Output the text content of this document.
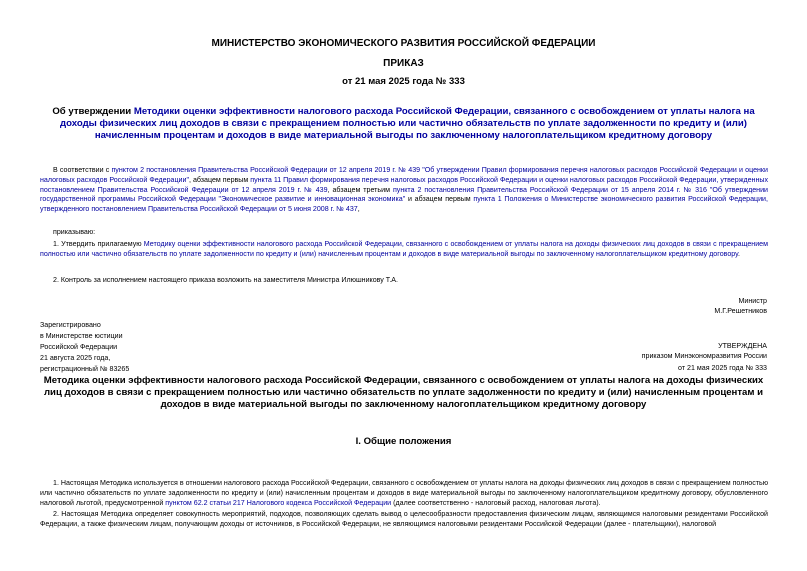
МИНИСТЕРСТВО ЭКОНОМИЧЕСКОГО РАЗВИТИЯ РОССИЙСКОЙ ФЕДЕРАЦИИ
ПРИКАЗ
от 21 мая 2025 года № 333
Об утверждении Методики оценки эффективности налогового расхода Российской Федерации, связанного с освобождением от уплаты налога на доходы физических лиц доходов в связи с прекращением полностью или частично обязательств по уплате задолженности по кредиту и (или) начисленным процентам и доходов в виде материальной выгоды по заключенному налогоплательщиком кредитному договору
В соответствии с пунктом 2 постановления Правительства Российской Федерации от 12 апреля 2019 г. № 439 "Об утверждении Правил формирования перечня налоговых расходов Российской Федерации и оценки налоговых расходов Российской Федерации", абзацем первым пункта 11 Правил формирования перечня налоговых расходов Российской Федерации и оценки налоговых расходов Российской Федерации, утвержденных постановлением Правительства Российской Федерации от 12 апреля 2019 г. № 439, абзацем третьим пункта 2 постановления Правительства Российской Федерации от 15 апреля 2014 г. № 316 "Об утверждении государственной программы Российской Федерации "Экономическое развитие и инновационная экономика" и абзацем первым пункта 1 Положения о Министерстве экономического развития Российской Федерации, утвержденного постановлением Правительства Российской Федерации от 5 июня 2008 г. № 437,
приказываю:
1. Утвердить прилагаемую Методику оценки эффективности налогового расхода Российской Федерации, связанного с освобождением от уплаты налога на доходы физических лиц доходов в связи с прекращением полностью или частично обязательств по уплате задолженности по кредиту и (или) начисленным процентам и доходов в виде материальной выгоды по заключенному налогоплательщиком кредитному договору.
2. Контроль за исполнением настоящего приказа возложить на заместителя Министра Илюшникову Т.А.
Министр
М.Г.Решетников
Зарегистрировано
в Министерстве юстиции
Российской Федерации
21 августа 2025 года,
регистрационный № 83265
УТВЕРЖДЕНА
приказом Минэкономразвития России
от 21 мая 2025 года № 333
Методика оценки эффективности налогового расхода Российской Федерации, связанного с освобождением от уплаты налога на доходы физических лиц доходов в связи с прекращением полностью или частично обязательств по уплате задолженности по кредиту и (или) начисленным процентам и доходов в виде материальной выгоды по заключенному налогоплательщиком кредитному договору
I. Общие положения
1. Настоящая Методика используется в отношении налогового расхода Российской Федерации, связанного с освобождением от уплаты налога на доходы физических лиц доходов в связи с прекращением полностью или частично обязательств по уплате задолженности по кредиту и (или) начисленным процентам и доходов в виде материальной выгоды по заключенному налогоплательщиком кредитному договору, обусловленного налоговой льготой, предусмотренной пунктом 62.2 статьи 217 Налогового кодекса Российской Федерации (далее соответственно - налоговый расход, налоговая льгота).
2. Настоящая Методика определяет совокупность мероприятий, подходов, позволяющих сделать вывод о целесообразности предоставления физическим лицам, являющимся налоговыми резидентами Российской Федерации, а также физическим лицам, получающим доходы от источников, в Российской Федерации, не являющимся налоговыми резидентами Российской Федерации (далее - плательщики), налоговой
